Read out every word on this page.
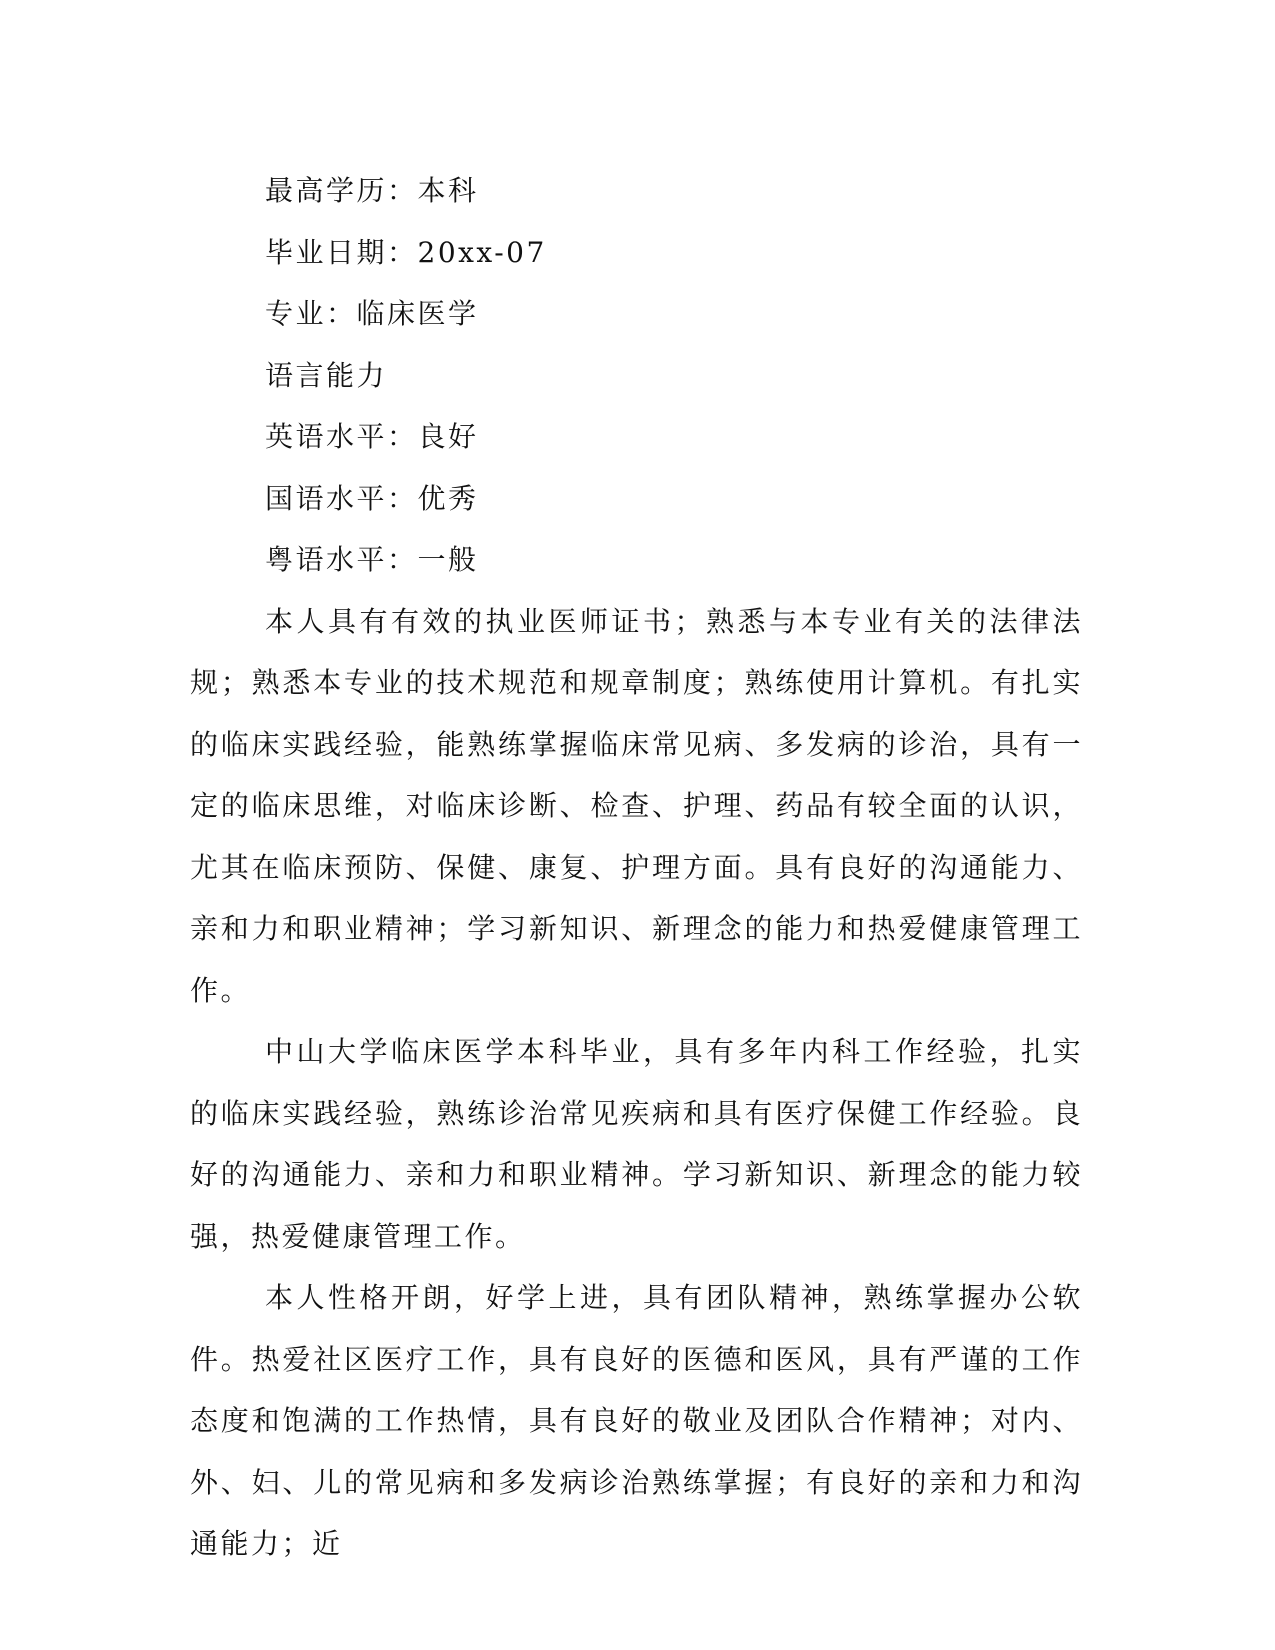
最高学历：本科

毕业日期：20xx-07

专业：临床医学

语言能力

英语水平：良好

国语水平：优秀

粤语水平：一般

本人具有有效的执业医师证书；熟悉与本专业有关的法律法规；熟悉本专业的技术规范和规章制度；熟练使用计算机。有扎实的临床实践经验，能熟练掌握临床常见病、多发病的诊治，具有一定的临床思维，对临床诊断、检查、护理、药品有较全面的认识，尤其在临床预防、保健、康复、护理方面。具有良好的沟通能力、亲和力和职业精神；学习新知识、新理念的能力和热爱健康管理工作。

中山大学临床医学本科毕业，具有多年内科工作经验，扎实的临床实践经验，熟练诊治常见疾病和具有医疗保健工作经验。良好的沟通能力、亲和力和职业精神。学习新知识、新理念的能力较强，热爱健康管理工作。

本人性格开朗，好学上进，具有团队精神，熟练掌握办公软件。热爱社区医疗工作，具有良好的医德和医风，具有严谨的工作态度和饱满的工作热情，具有良好的敬业及团队合作精神；对内、外、妇、儿的常见病和多发病诊治熟练掌握；有良好的亲和力和沟通能力；近
